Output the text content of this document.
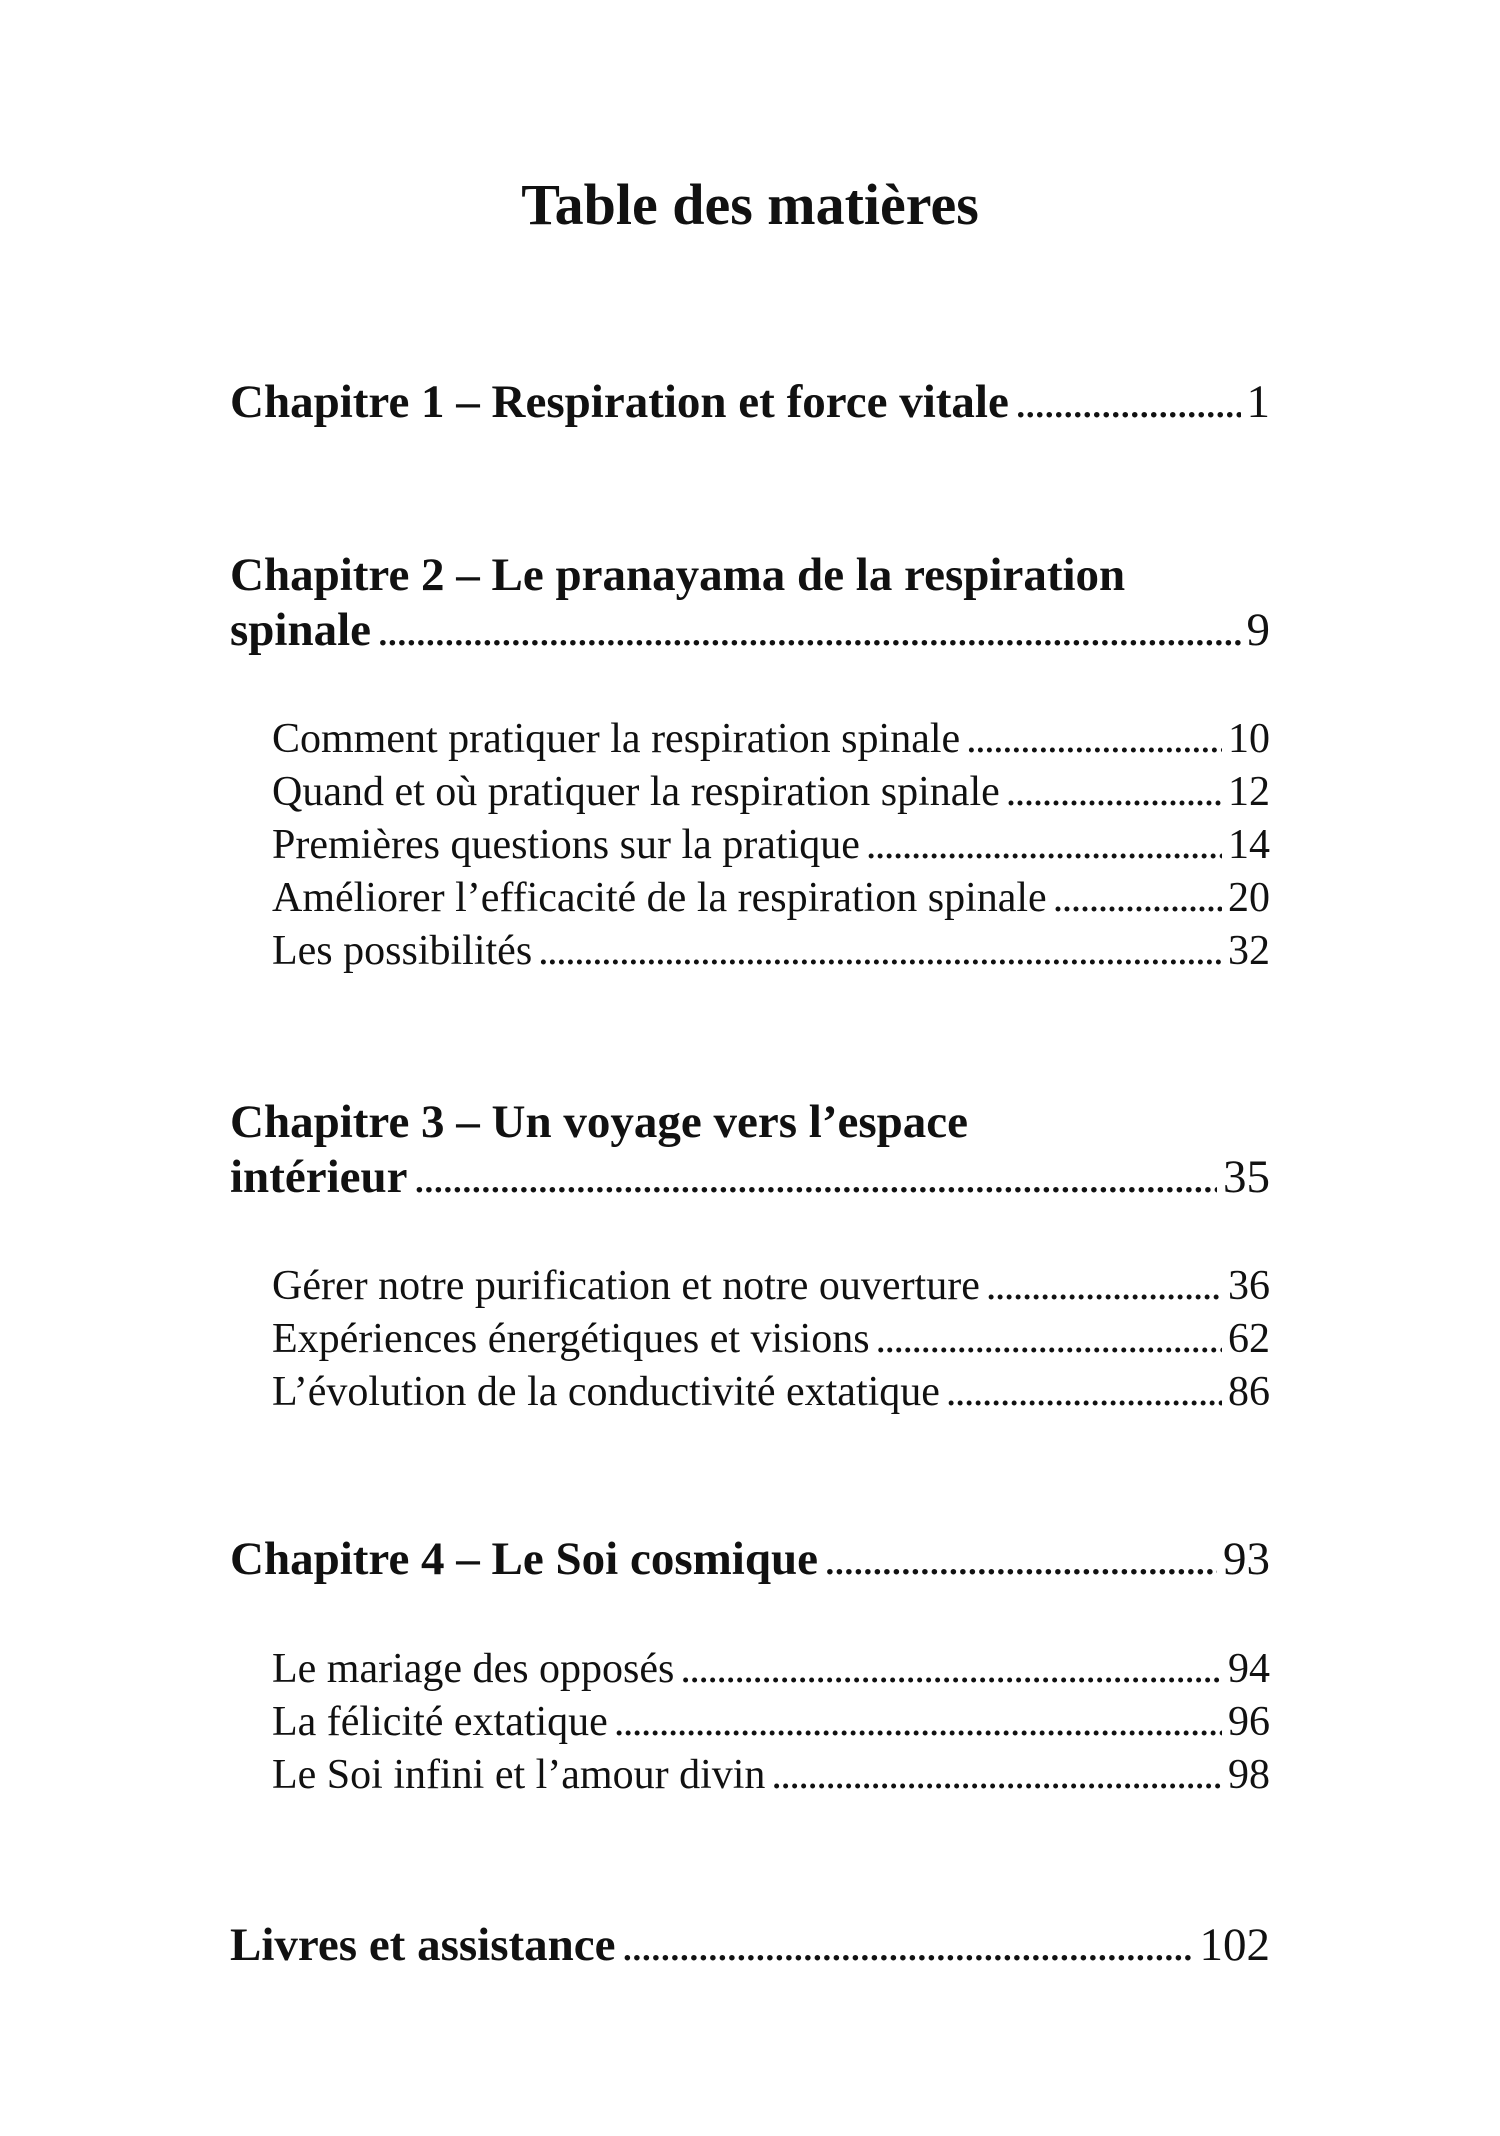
Table des matières
Chapitre 1 – Respiration et force vitale . . .	1
Chapitre 2 – Le pranayama de la respiration
spinale . . .	9
Comment pratiquer la respiration spinale . . .	10
Quand et où pratiquer la respiration spinale . . .	12
Premières questions sur la pratique . . .	14
Améliorer l’efficacité de la respiration spinale . . .	20
Les possibilités . . .	32
Chapitre 3 – Un voyage vers l’espace
intérieur . . .	35
Gérer notre purification et notre ouverture . . .	36
Expériences énergétiques et visions . . .	62
L’évolution de la conductivité extatique . . .	86
Chapitre 4 – Le Soi cosmique . . .	93
Le mariage des opposés . . .	94
La félicité extatique . . .	96
Le Soi infini et l’amour divin . . .	98
Livres et assistance . . .	102
